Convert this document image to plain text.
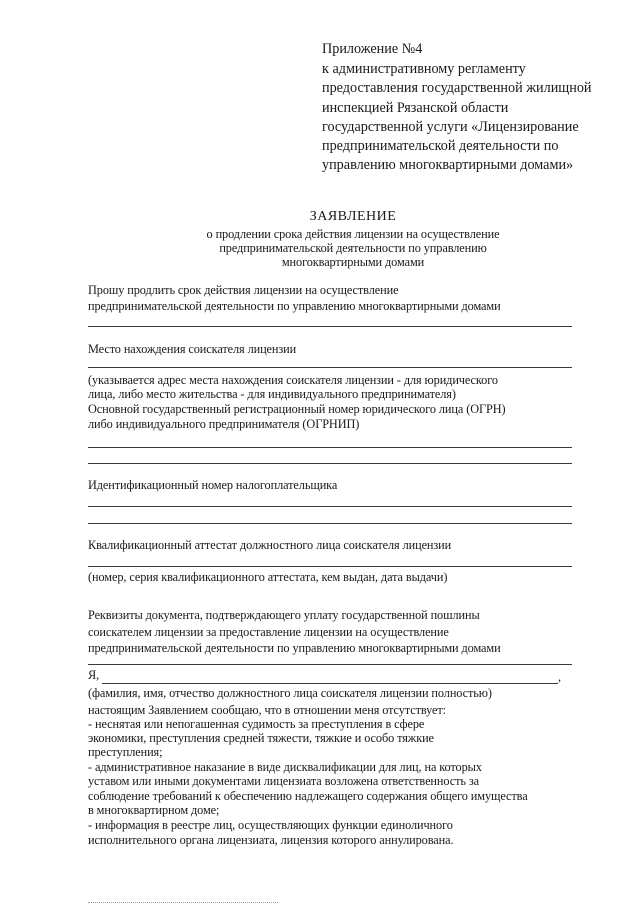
Приложение №4
к административному регламенту
предоставления государственной жилищной
инспекцией Рязанской области
государственной услуги «Лицензирование
предпринимательской деятельности по
управлению многоквартирными домами»
ЗАЯВЛЕНИЕ
о продлении срока действия лицензии на осуществление
предпринимательской деятельности по управлению
многоквартирными домами
Прошу продлить срок действия лицензии на осуществление
предпринимательской деятельности по управлению многоквартирными домами
Место нахождения соискателя лицензии
(указывается адрес места нахождения соискателя лицензии - для юридического
лица, либо место жительства - для индивидуального предпринимателя)
Основной государственный регистрационный номер юридического лица (ОГРН)
либо индивидуального предпринимателя (ОГРНИП)
Идентификационный номер налогоплательщика
Квалификационный аттестат должностного лица соискателя лицензии
(номер, серия квалификационного аттестата, кем выдан, дата выдачи)
Реквизиты документа, подтверждающего уплату государственной пошлины
соискателем лицензии за предоставление лицензии на осуществление
предпринимательской деятельности по управлению многоквартирными домами
Я,	,
(фамилия, имя, отчество должностного лица соискателя лицензии полностью)
настоящим Заявлением сообщаю, что в отношении меня отсутствует:
- неснятая или непогашенная судимость за преступления в сфере
экономики, преступления средней тяжести, тяжкие и особо тяжкие
преступления;
- административное наказание в виде дисквалификации для лиц, на которых
уставом или иными документами лицензиата возложена ответственность за
соблюдение требований к обеспечению надлежащего содержания общего имущества
в многоквартирном доме;
- информация в реестре лиц, осуществляющих функции единоличного
исполнительного органа лицензиата, лицензия которого аннулирована.
